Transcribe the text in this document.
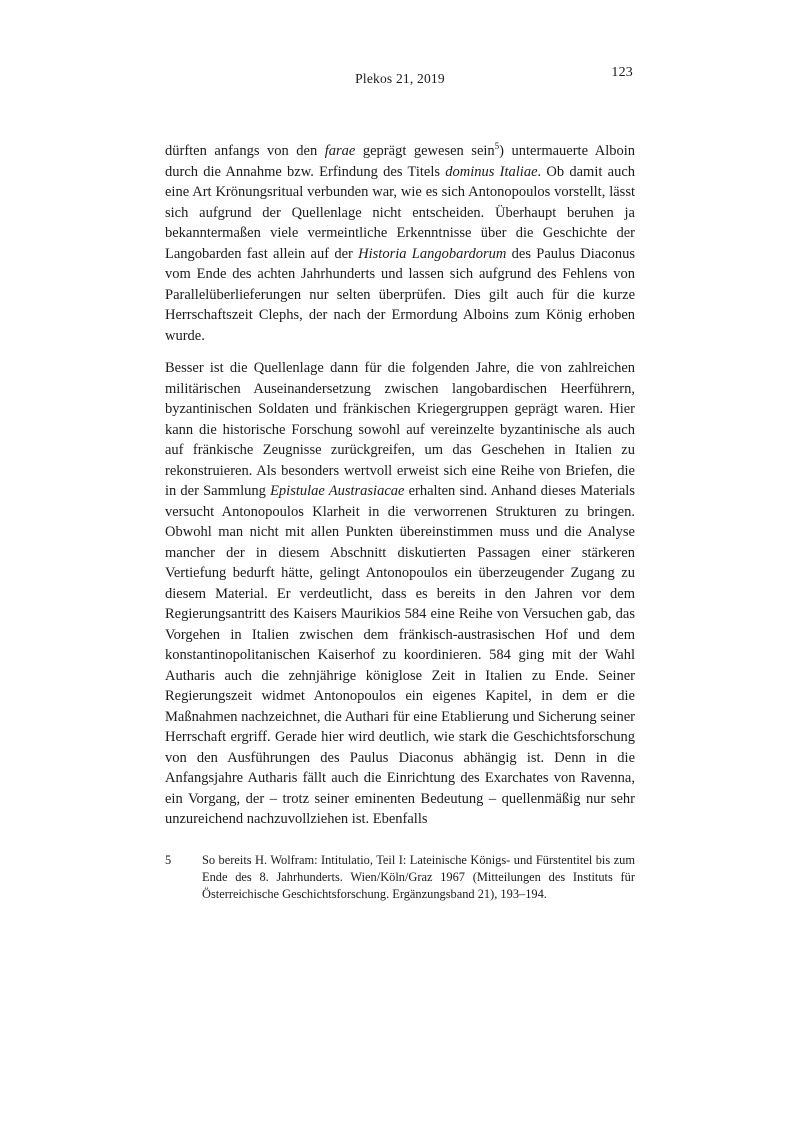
Plekos 21, 2019	123

dürften anfangs von den farae geprägt gewesen sein$^5$) untermauerte Alboin durch die Annahme bzw. Erfindung des Titels dominus Italiae. Ob damit auch eine Art Krönungsritual verbunden war, wie es sich Antonopoulos vorstellt, lässt sich aufgrund der Quellenlage nicht entscheiden. Überhaupt beruhen ja bekanntermaßen viele vermeintliche Erkenntnisse über die Geschichte der Langobarden fast allein auf der Historia Langobardorum des Paulus Diaconus vom Ende des achten Jahrhunderts und lassen sich aufgrund des Fehlens von Parallelüberlieferungen nur selten überprüfen. Dies gilt auch für die kurze Herrschaftszeit Clephs, der nach der Ermordung Alboins zum König erhoben wurde.

Besser ist die Quellenlage dann für die folgenden Jahre, die von zahlreichen militärischen Auseinandersetzung zwischen langobardischen Heerführern, byzantinischen Soldaten und fränkischen Kriegergruppen geprägt waren. Hier kann die historische Forschung sowohl auf vereinzelte byzantinische als auch auf fränkische Zeugnisse zurückgreifen, um das Geschehen in Italien zu rekonstruieren. Als besonders wertvoll erweist sich eine Reihe von Briefen, die in der Sammlung Epistulae Austrasiacae erhalten sind. Anhand dieses Materials versucht Antonopoulos Klarheit in die verworrenen Strukturen zu bringen. Obwohl man nicht mit allen Punkten übereinstimmen muss und die Analyse mancher der in diesem Abschnitt diskutierten Passagen einer stärkeren Vertiefung bedurft hätte, gelingt Antonopoulos ein überzeugender Zugang zu diesem Material. Er verdeutlicht, dass es bereits in den Jahren vor dem Regierungsantritt des Kaisers Maurikios 584 eine Reihe von Versuchen gab, das Vorgehen in Italien zwischen dem fränkisch-austrasischen Hof und dem konstantinopolitanischen Kaiserhof zu koordinieren. 584 ging mit der Wahl Autharis auch die zehnjährige königlose Zeit in Italien zu Ende. Seiner Regierungszeit widmet Antonopoulos ein eigenes Kapitel, in dem er die Maßnahmen nachzeichnet, die Authari für eine Etablierung und Sicherung seiner Herrschaft ergriff. Gerade hier wird deutlich, wie stark die Geschichtsforschung von den Ausführungen des Paulus Diaconus abhängig ist. Denn in die Anfangsjahre Autharis fällt auch die Einrichtung des Exarchates von Ravenna, ein Vorgang, der – trotz seiner eminenten Bedeutung – quellenmäßig nur sehr unzureichend nachzuvollziehen ist. Ebenfalls

5	So bereits H. Wolfram: Intitulatio, Teil I: Lateinische Königs- und Fürstentitel bis zum Ende des 8. Jahrhunderts. Wien/Köln/Graz 1967 (Mitteilungen des Instituts für Österreichische Geschichtsforschung. Ergänzungsband 21), 193–194.
